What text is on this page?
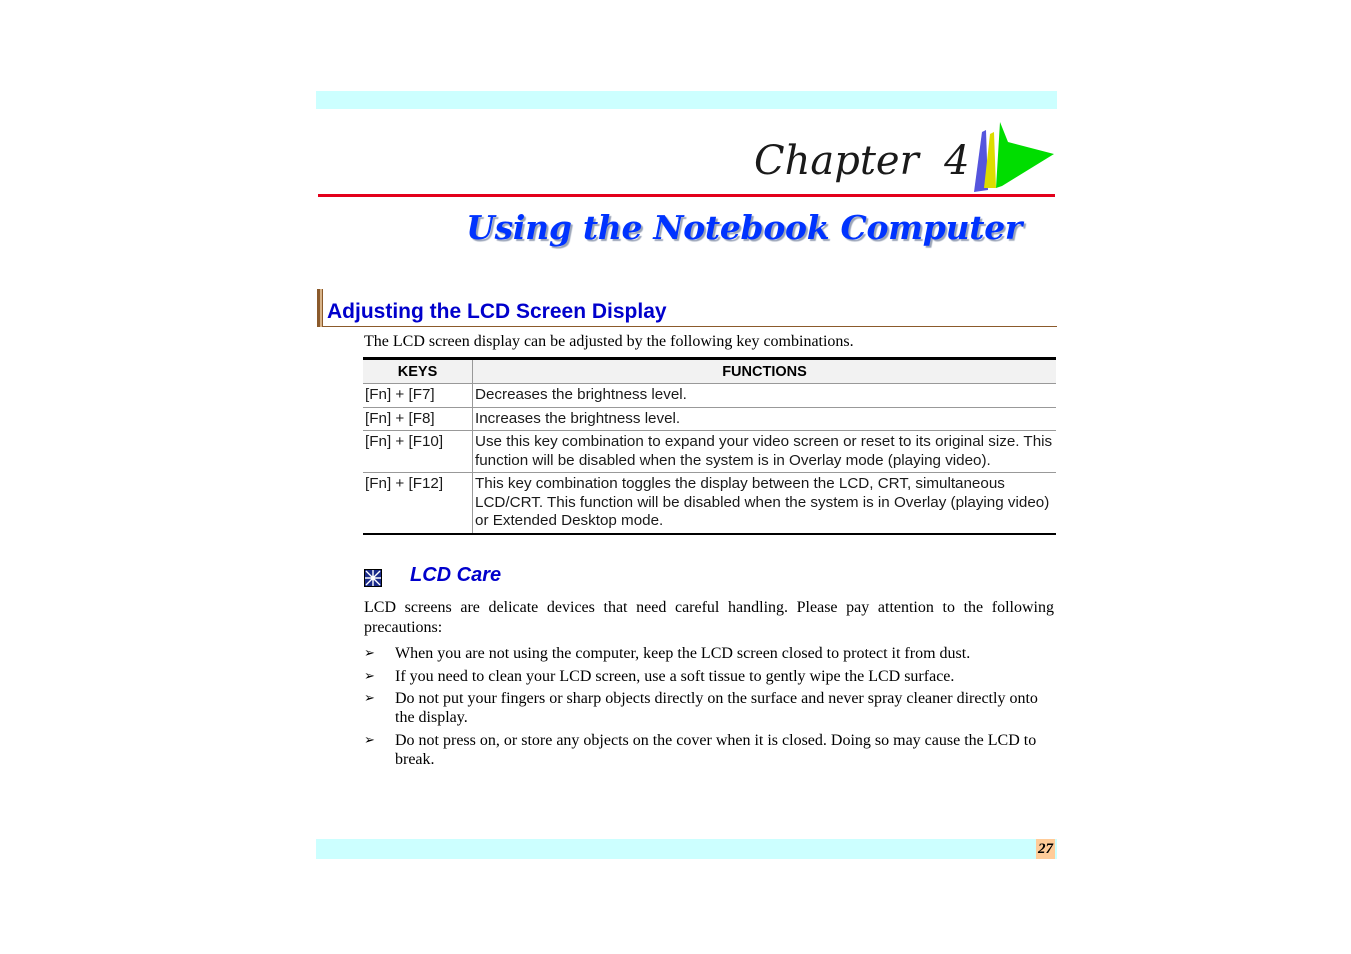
Chapter  4
Using the Notebook Computer
Adjusting the LCD Screen Display
The LCD screen display can be adjusted by the following key combinations.
KEYS	FUNCTIONS
[Fn] + [F7]	Decreases the brightness level.
[Fn] + [F8]	Increases the brightness level.
[Fn] + [F10]	Use this key combination to expand your video screen or reset to its original size. This function will be disabled when the system is in Overlay mode (playing video).
[Fn] + [F12]	This key combination toggles the display between the LCD, CRT, simultaneous LCD/CRT. This function will be disabled when the system is in Overlay (playing video) or Extended Desktop mode.
LCD Care
LCD screens are delicate devices that need careful handling. Please pay attention to the following precautions:
➢ When you are not using the computer, keep the LCD screen closed to protect it from dust.
➢ If you need to clean your LCD screen, use a soft tissue to gently wipe the LCD surface.
➢ Do not put your fingers or sharp objects directly on the surface and never spray cleaner directly onto the display.
➢ Do not press on, or store any objects on the cover when it is closed. Doing so may cause the LCD to break.
27
